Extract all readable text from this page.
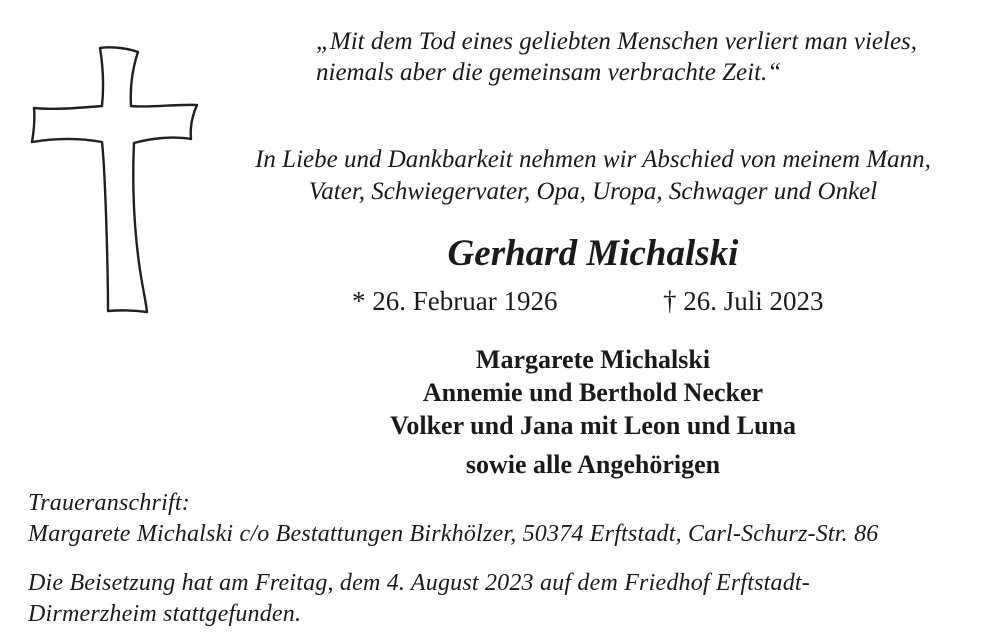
„Mit dem Tod eines geliebten Menschen verliert man vieles,
niemals aber die gemeinsam verbrachte Zeit.“
In Liebe und Dankbarkeit nehmen wir Abschied von meinem Mann,
Vater, Schwiegervater, Opa, Uropa, Schwager und Onkel
Gerhard Michalski
* 26. Februar 1926	† 26. Juli 2023
Margarete Michalski
Annemie und Berthold Necker
Volker und Jana mit Leon und Luna
sowie alle Angehörigen
Traueranschrift:
Margarete Michalski c/o Bestattungen Birkhölzer, 50374 Erftstadt, Carl-Schurz-Str. 86
Die Beisetzung hat am Freitag, dem 4. August 2023 auf dem Friedhof Erftstadt-
Dirmerzheim stattgefunden.
